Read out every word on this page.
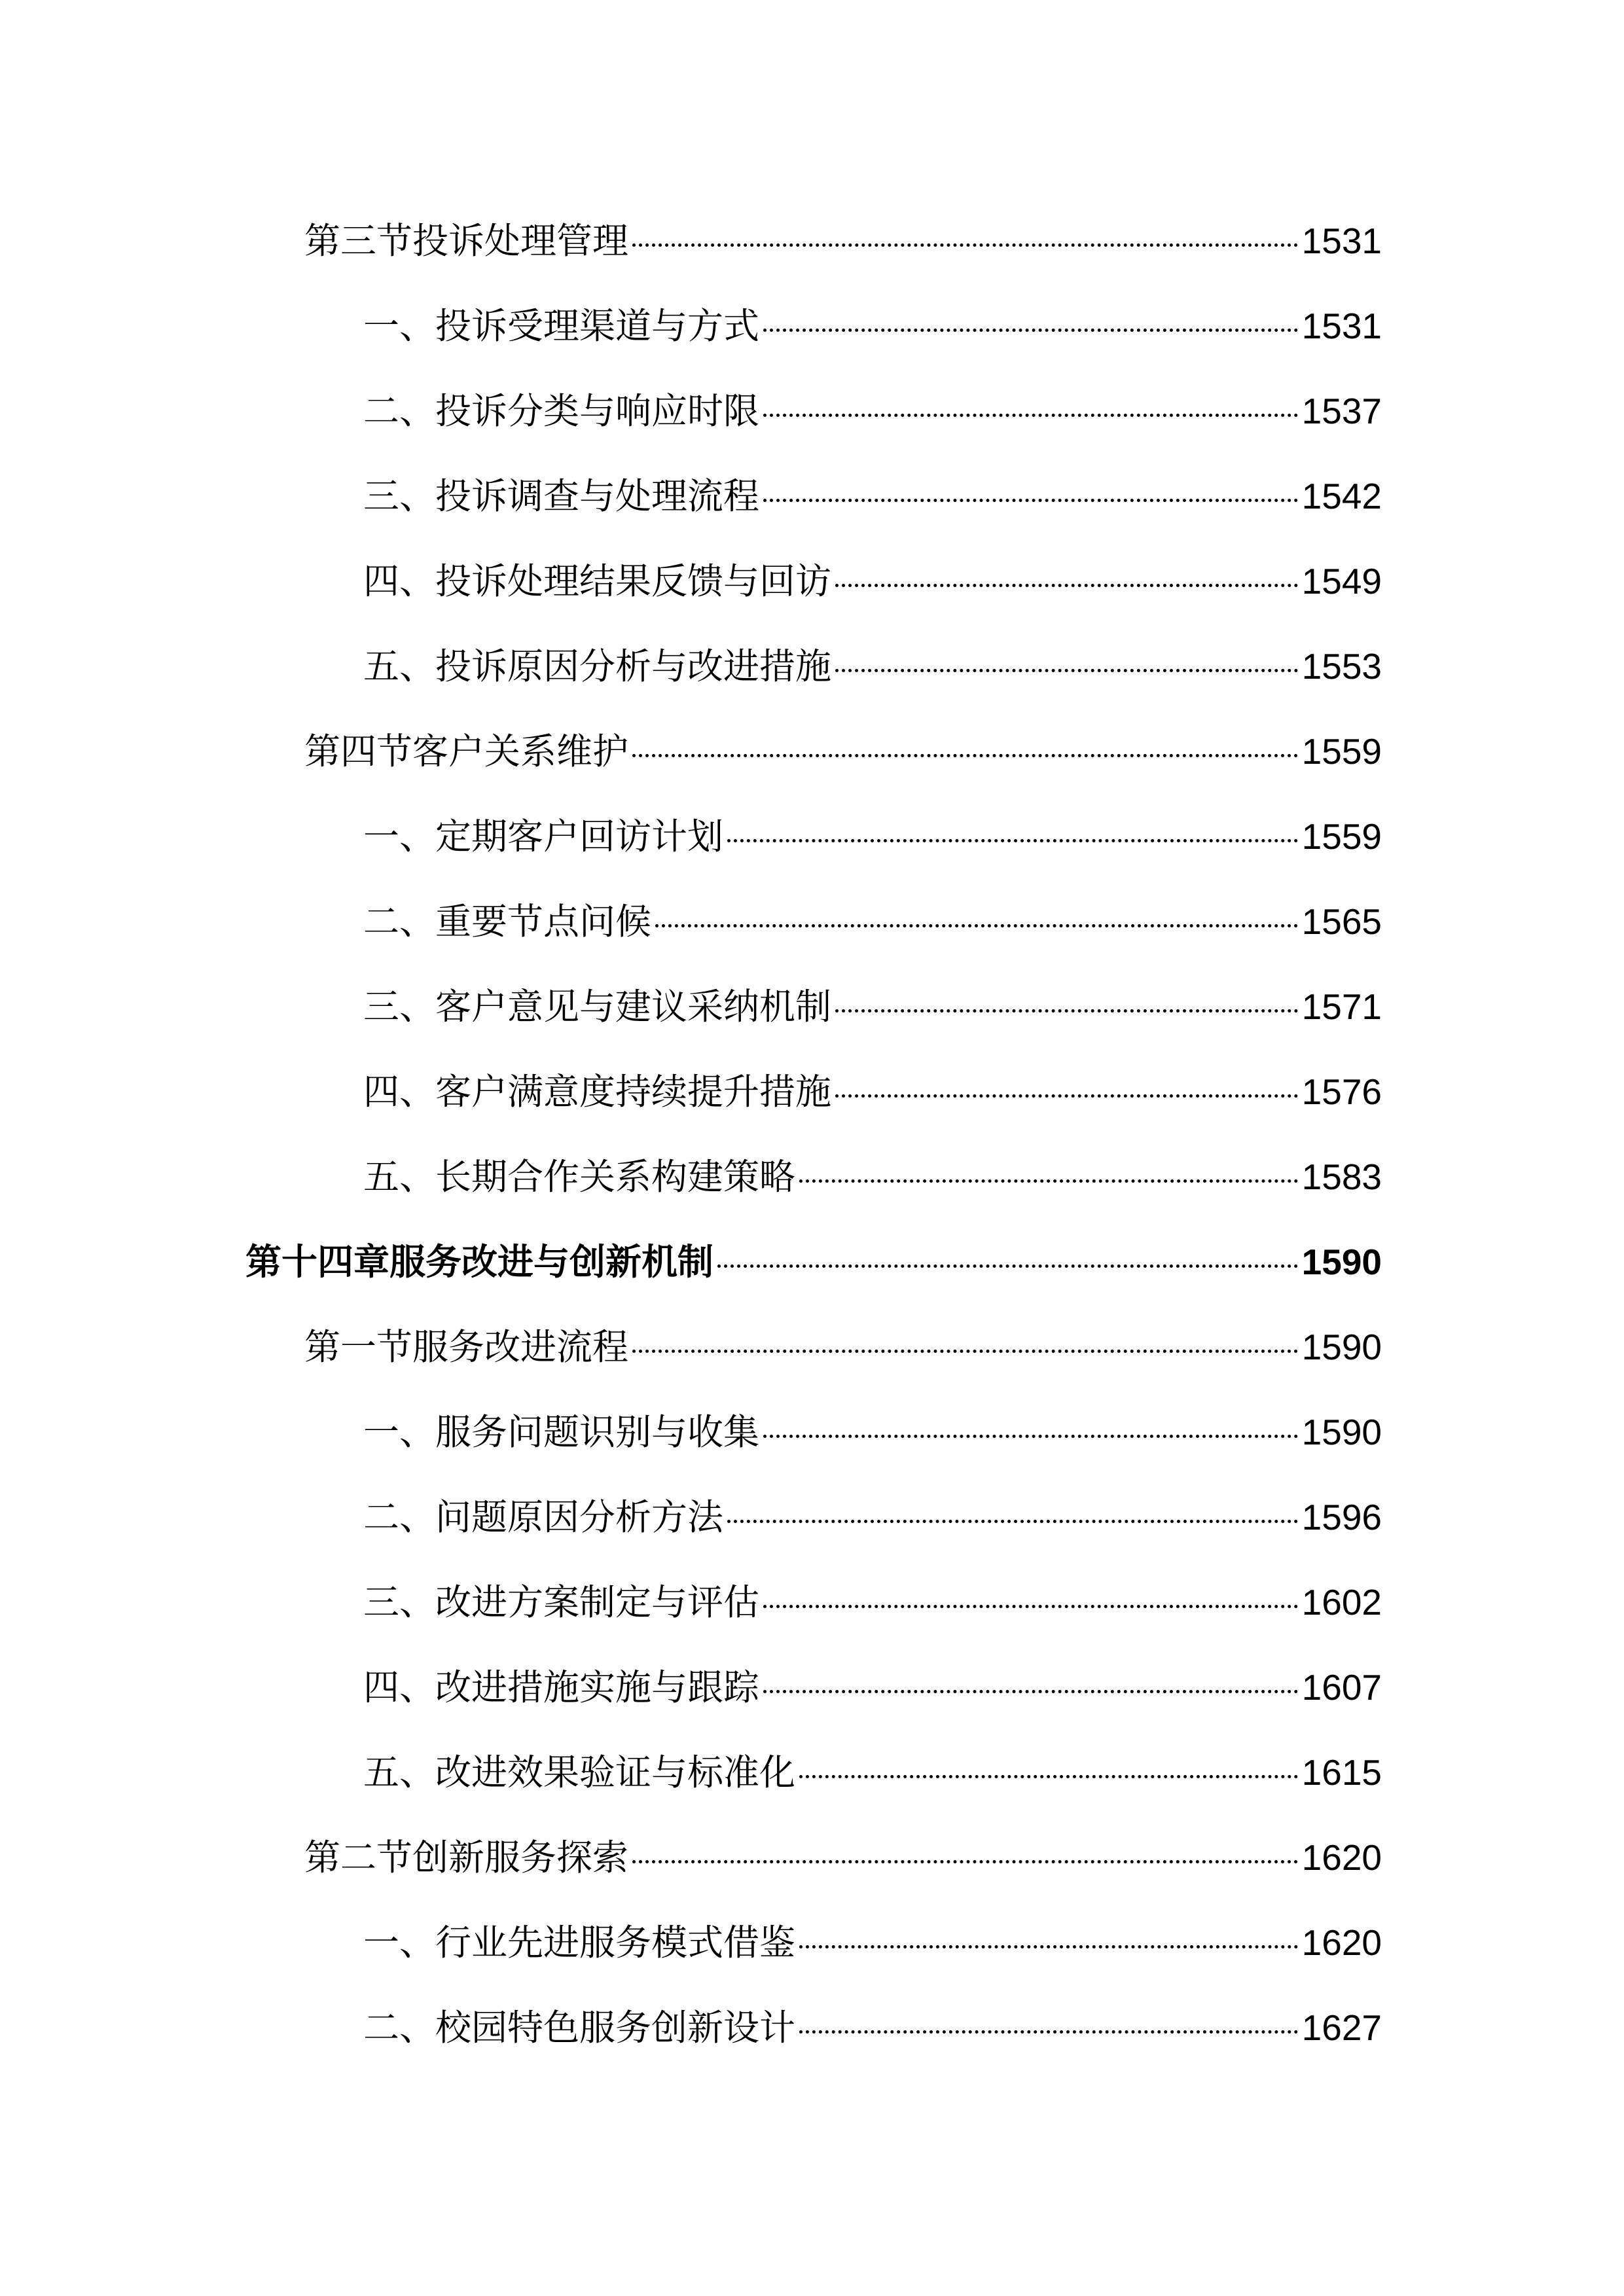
第三节投诉处理管理	1531
一、投诉受理渠道与方式	1531
二、投诉分类与响应时限	1537
三、投诉调查与处理流程	1542
四、投诉处理结果反馈与回访	1549
五、投诉原因分析与改进措施	1553
第四节客户关系维护	1559
一、定期客户回访计划	1559
二、重要节点问候	1565
三、客户意见与建议采纳机制	1571
四、客户满意度持续提升措施	1576
五、长期合作关系构建策略	1583
第十四章服务改进与创新机制	1590
第一节服务改进流程	1590
一、服务问题识别与收集	1590
二、问题原因分析方法	1596
三、改进方案制定与评估	1602
四、改进措施实施与跟踪	1607
五、改进效果验证与标准化	1615
第二节创新服务探索	1620
一、行业先进服务模式借鉴	1620
二、校园特色服务创新设计	1627
